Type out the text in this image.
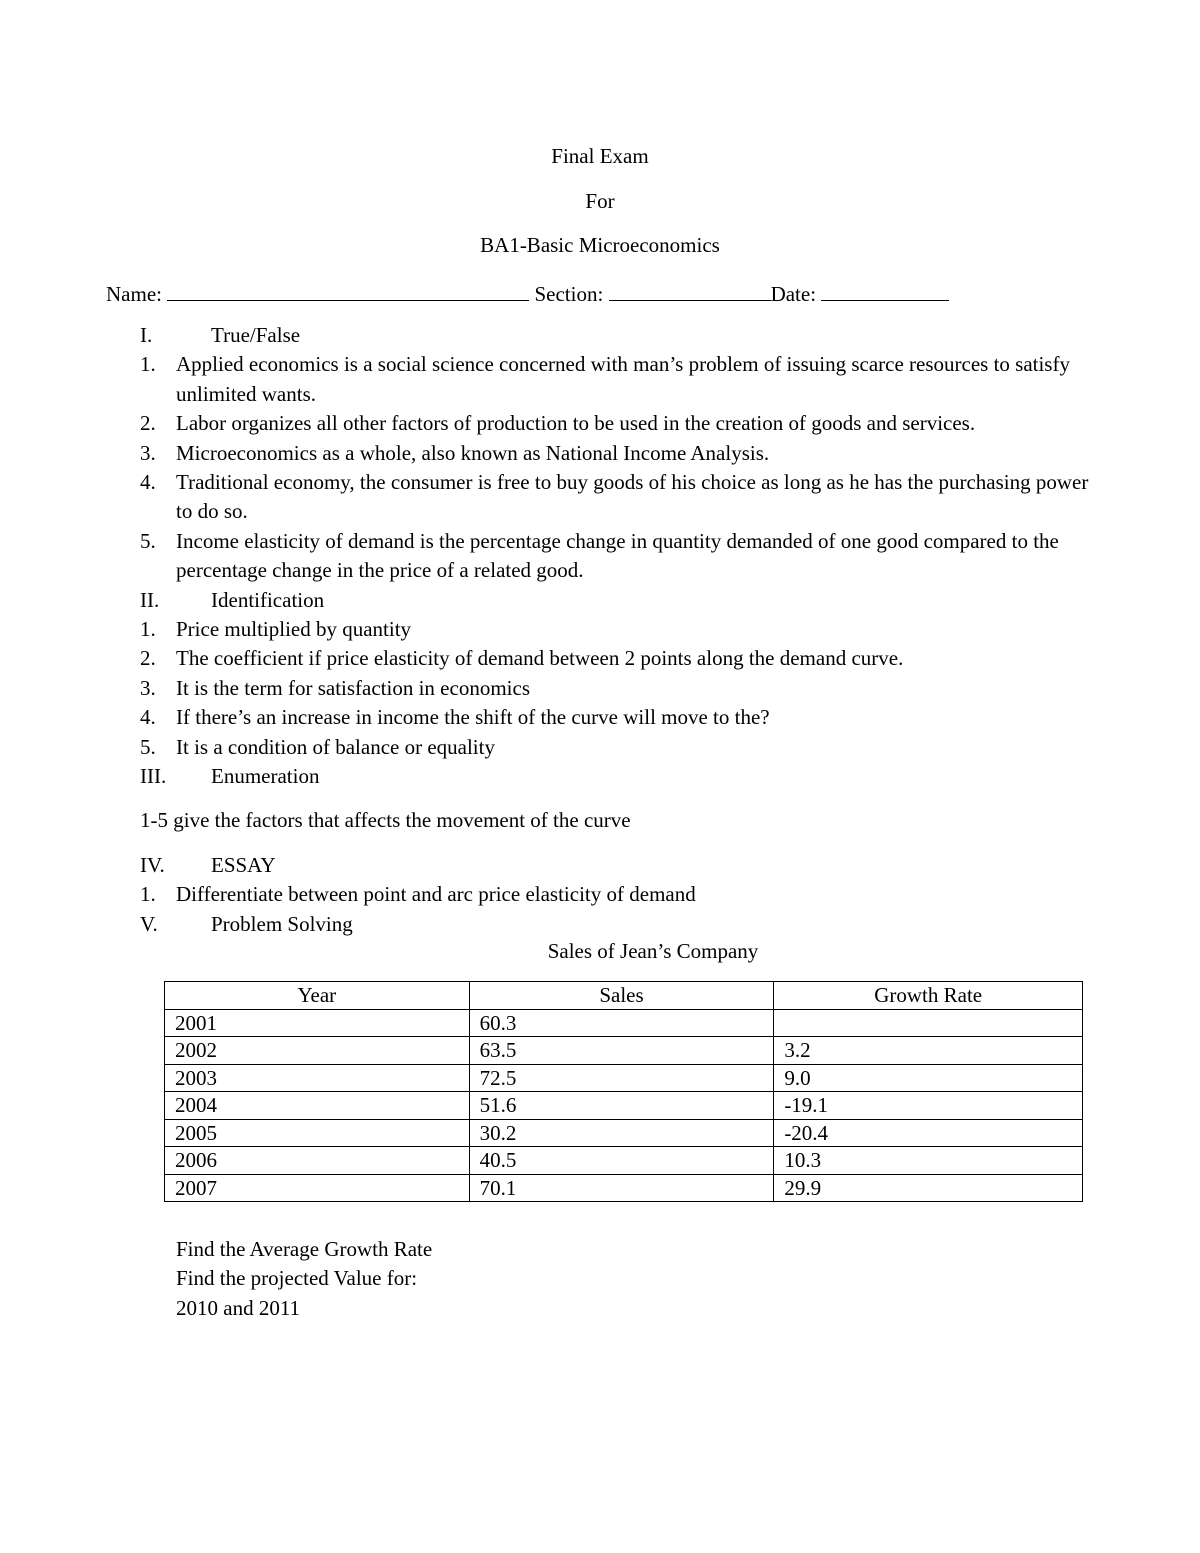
Final Exam
For
BA1-Basic Microeconomics
Name:	Section:	Date:
I.	True/False
1. Applied economics is a social science concerned with man’s problem of issuing scarce resources to satisfy unlimited wants.
2. Labor organizes all other factors of production to be used in the creation of goods and services.
3. Microeconomics as a whole, also known as National Income Analysis.
4. Traditional economy, the consumer is free to buy goods of his choice as long as he has the purchasing power to do so.
5. Income elasticity of demand is the percentage change in quantity demanded of one good compared to the percentage change in the price of a related good.
II. Identification
1. Price multiplied by quantity
2. The coefficient if price elasticity of demand between 2 points along the demand curve.
3. It is the term for satisfaction in economics
4. If there’s an increase in income the shift of the curve will move to the?
5. It is a condition of balance or equality
III. Enumeration
1-5 give the factors that affects the movement of the curve
IV. ESSAY
1. Differentiate between point and arc price elasticity of demand
V.	Problem Solving
Sales of Jean’s Company
Year	Sales	Growth Rate
2001	60.3	
2002	63.5	3.2
2003	72.5	9.0
2004	51.6	-19.1
2005	30.2	-20.4
2006	40.5	10.3
2007	70.1	29.9
Find the Average Growth Rate
Find the projected Value for:
2010 and 2011
